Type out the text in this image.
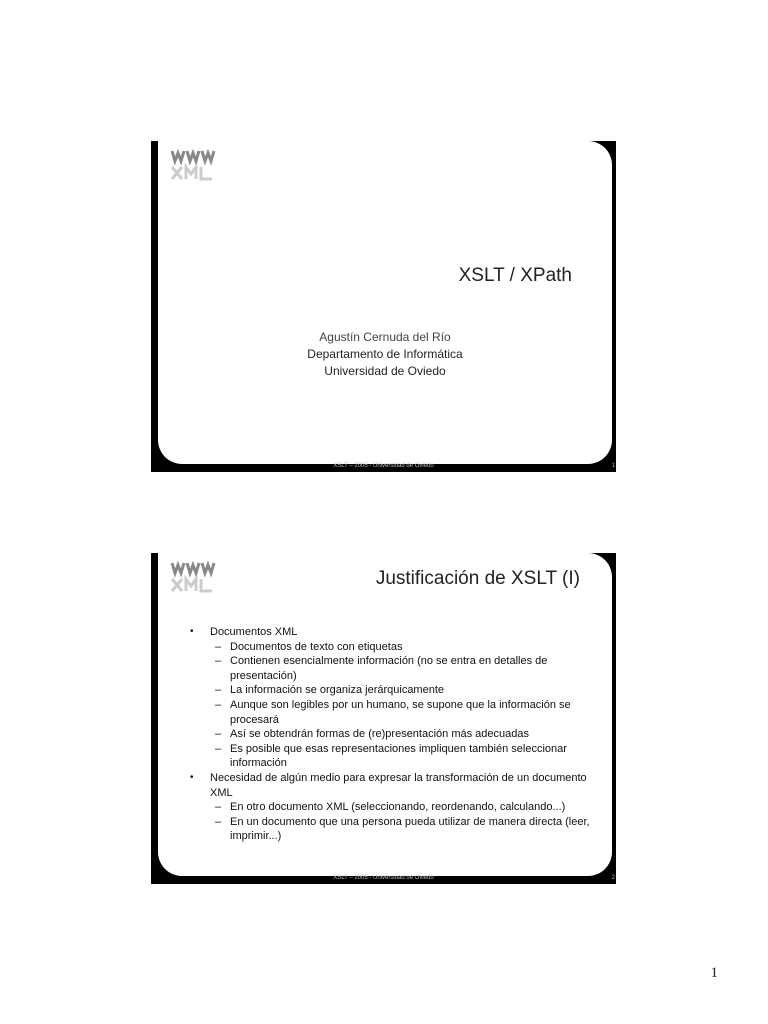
XSLT / XPath
Agustín Cernuda del Río
Departamento de Informática
Universidad de Oviedo
XSLT – 2005 - Universidad de Oviedo	1
Justificación de XSLT (I)
• Documentos XML
– Documentos de texto con etiquetas
– Contienen esencialmente información (no se entra en detalles de presentación)
– La información se organiza jerárquicamente
– Aunque son legibles por un humano, se supone que la información se procesará
– Así se obtendrán formas de (re)presentación más adecuadas
– Es posible que esas representaciones impliquen también seleccionar información
• Necesidad de algún medio para expresar la transformación de un documento XML
– En otro documento XML (seleccionando, reordenando, calculando...)
– En un documento que una persona pueda utilizar de manera directa (leer, imprimir...)
XSLT – 2005 - Universidad de Oviedo	2
1
